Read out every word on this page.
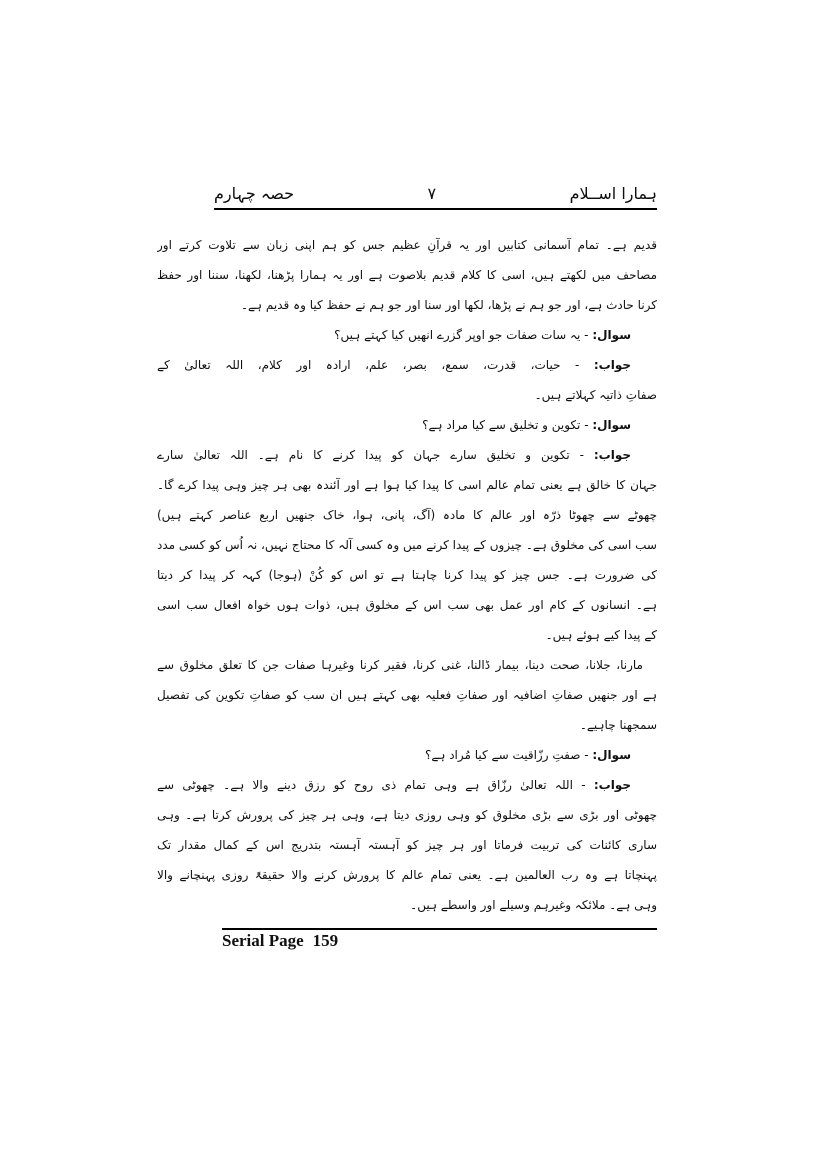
ہمارا اســلام
۷
حصہ چہارم
قدیم ہے۔ تمام آسمانی کتابیں اور یہ قرآنِ عظیم جس کو ہم اپنی زبان سے تلاوت کرتے اور
مصاحف میں لکھتے ہیں، اسی کا کلام قدیم بلاصوت ہے اور یہ ہمارا پڑھنا، لکھنا، سننا اور حفظ
کرنا حادث ہے، اور جو ہم نے پڑھا، لکھا اور سنا اور جو ہم نے حفظ کیا وہ قدیم ہے۔
سوال: - یہ سات صفات جو اوپر گزرے انھیں کیا کہتے ہیں؟
جواب: - حیات، قدرت، سمع، بصر، علم، ارادہ اور کلام، اللہ تعالیٰ کے
صفاتِ ذاتیہ کہلاتے ہیں۔
سوال: - تکوین و تخلیق سے کیا مراد ہے؟
جواب: - تکوین و تخلیق سارے جہان کو پیدا کرنے کا نام ہے۔ اللہ تعالیٰ سارے
جہان کا خالق ہے یعنی تمام عالم اسی کا پیدا کیا ہوا ہے اور آئندہ بھی ہر چیز وہی پیدا کرے گا۔
چھوٹے سے چھوٹا ذرّہ اور عالم کا مادہ (آگ، پانی، ہوا، خاک جنھیں اربع عناصر کہتے ہیں)
سب اسی کی مخلوق ہے۔ چیزوں کے پیدا کرنے میں وہ کسی آلہ کا محتاج نہیں، نہ اُس کو کسی مدد
کی ضرورت ہے۔ جس چیز کو پیدا کرنا چاہتا ہے تو اس کو کُنْ (ہوجا) کہہ کر پیدا کر دیتا
ہے۔ انسانوں کے کام اور عمل بھی سب اس کے مخلوق ہیں، ذوات ہوں خواہ افعال سب اسی
کے پیدا کیے ہوئے ہیں۔
مارنا، جلانا، صحت دینا، بیمار ڈالنا، غنی کرنا، فقیر کرنا وغیرہا صفات جن کا تعلق مخلوق سے
ہے اور جنھیں صفاتِ اضافیہ اور صفاتِ فعلیہ بھی کہتے ہیں ان سب کو صفاتِ تکوین کی تفصیل
سمجھنا چاہیے۔
سوال: - صفتِ رزّاقیت سے کیا مُراد ہے؟
جواب: - اللہ تعالیٰ رزّاق ہے وہی تمام ذی روح کو رزق دینے والا ہے۔ چھوٹی سے
چھوٹی اور بڑی سے بڑی مخلوق کو وہی روزی دیتا ہے، وہی ہر چیز کی پرورش کرتا ہے۔ وہی
ساری کائنات کی تربیت فرماتا اور ہر چیز کو آہستہ آہستہ بتدریج اس کے کمال مقدار تک
پہنچاتا ہے وہ رب العالمین ہے۔ یعنی تمام عالم کا پرورش کرنے والا حقیقۃً روزی پہنچانے والا
وہی ہے۔ ملائکہ وغیرہم وسیلے اور واسطے ہیں۔
Serial Page 159
